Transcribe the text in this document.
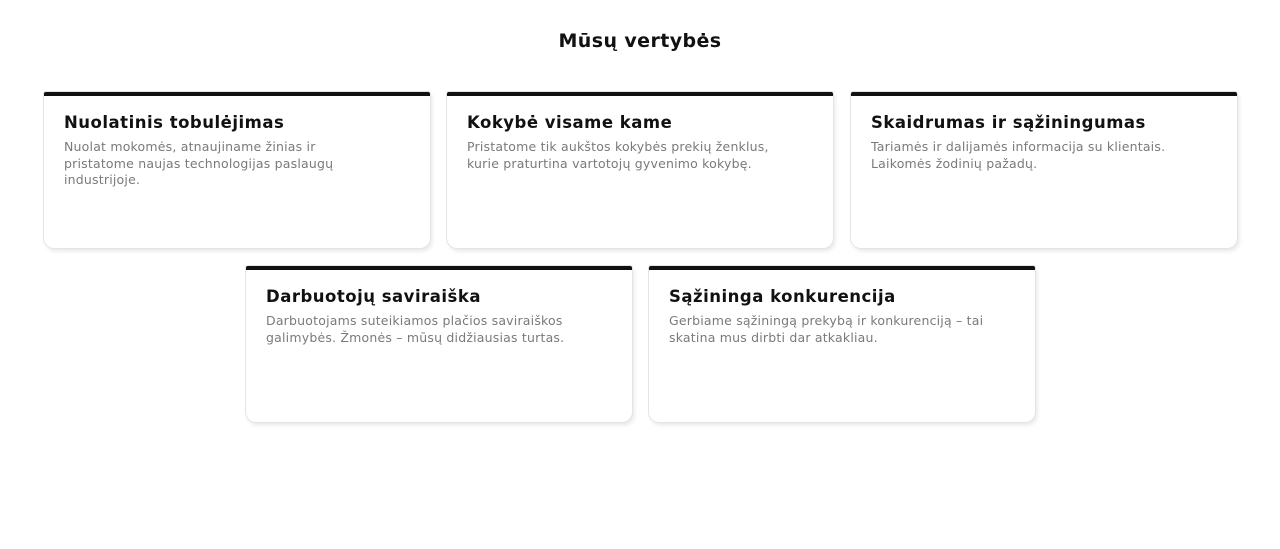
Mūsų vertybės
Nuolatinis tobulėjimas
Nuolat mokomės, atnaujiname žinias ir pristatome naujas technologijas paslaugų industrijoje.
Kokybė visame kame
Pristatome tik aukštos kokybės prekių ženklus, kurie praturtina vartotojų gyvenimo kokybę.
Skaidrumas ir sąžiningumas
Tariamės ir dalijamės informacija su klientais. Laikomės žodinių pažadų.
Darbuotojų saviraiška
Darbuotojams suteikiamos plačios saviraiškos galimybės. Žmonės – mūsų didžiausias turtas.
Sąžininga konkurencija
Gerbiame sąžiningą prekybą ir konkurenciją – tai skatina mus dirbti dar atkakliau.
